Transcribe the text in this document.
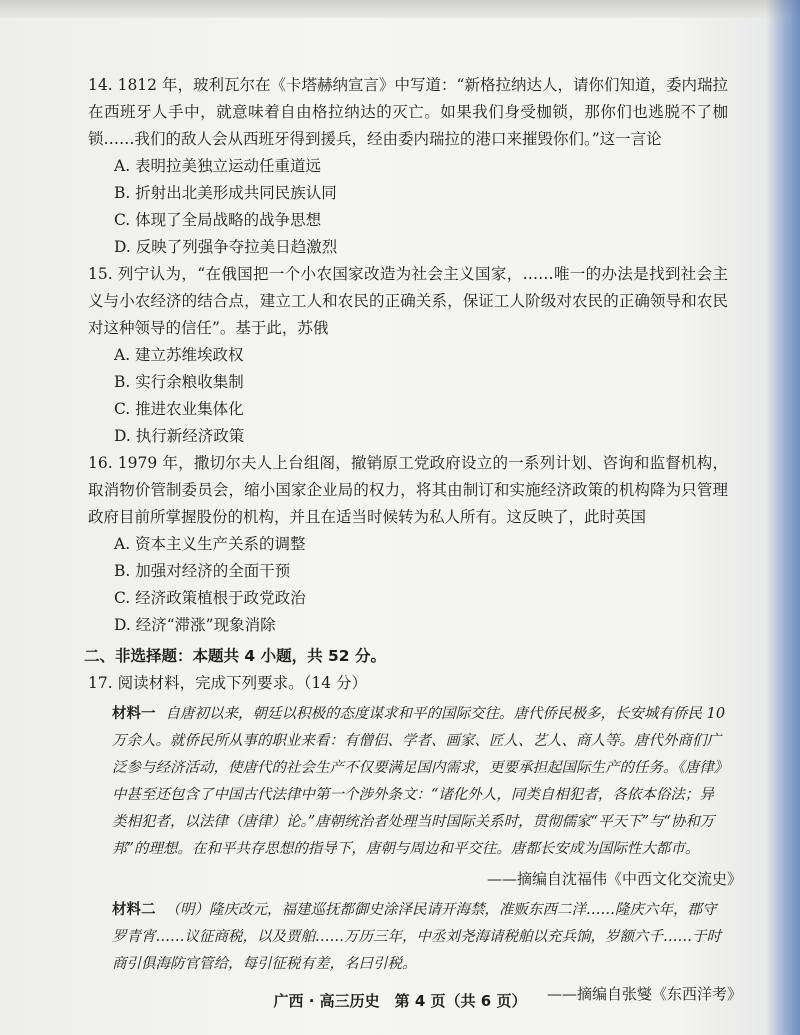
14. 1812 年，玻利瓦尔在《卡塔赫纳宣言》中写道：“新格拉纳达人，请你们知道，委内瑞拉在西班牙人手中，就意味着自由格拉纳达的灭亡。如果我们身受枷锁，那你们也逃脱不了枷锁……我们的敌人会从西班牙得到援兵，经由委内瑞拉的港口来摧毁你们。”这一言论

A. 表明拉美独立运动任重道远

B. 折射出北美形成共同民族认同

C. 体现了全局战略的战争思想

D. 反映了列强争夺拉美日趋激烈

15. 列宁认为，“在俄国把一个小农国家改造为社会主义国家，……唯一的办法是找到社会主义与小农经济的结合点，建立工人和农民的正确关系，保证工人阶级对农民的正确领导和农民对这种领导的信任”。基于此，苏俄

A. 建立苏维埃政权

B. 实行余粮收集制

C. 推进农业集体化

D. 执行新经济政策

16. 1979 年，撒切尔夫人上台组阁，撤销原工党政府设立的一系列计划、咨询和监督机构，取消物价管制委员会，缩小国家企业局的权力，将其由制订和实施经济政策的机构降为只管理政府目前所掌握股份的机构，并且在适当时候转为私人所有。这反映了，此时英国

A. 资本主义生产关系的调整

B. 加强对经济的全面干预

C. 经济政策植根于政党政治

D. 经济“滞涨”现象消除

二、非选择题：本题共 4 小题，共 52 分。

17. 阅读材料，完成下列要求。（14 分）

材料一 自唐初以来，朝廷以积极的态度谋求和平的国际交往。唐代侨民极多，长安城有侨民 10 万余人。就侨民所从事的职业来看：有僧侣、学者、画家、匠人、艺人、商人等。唐代外商们广泛参与经济活动，使唐代的社会生产不仅要满足国内需求，更要承担起国际生产的任务。《唐律》中甚至还包含了中国古代法律中第一个涉外条文：“诸化外人，同类自相犯者，各依本俗法；异类相犯者，以法律（唐律）论。”唐朝统治者处理当时国际关系时，贯彻儒家“平天下”与“协和万邦”的理想。在和平共存思想的指导下，唐朝与周边和平交往。唐都长安成为国际性大都市。

——摘编自沈福伟《中西文化交流史》

材料二 （明）隆庆改元，福建巡抚都御史涂泽民请开海禁，准贩东西二洋……隆庆六年，郡守罗青宵……议征商税，以及贾舶……万历三年，中丞刘尧海请税舶以充兵饷，岁额六千……于时商引俱海防官管给，每引征税有差，名曰引税。

——摘编自张燮《东西洋考》

广西 · 高三历史　第 4 页（共 6 页）
